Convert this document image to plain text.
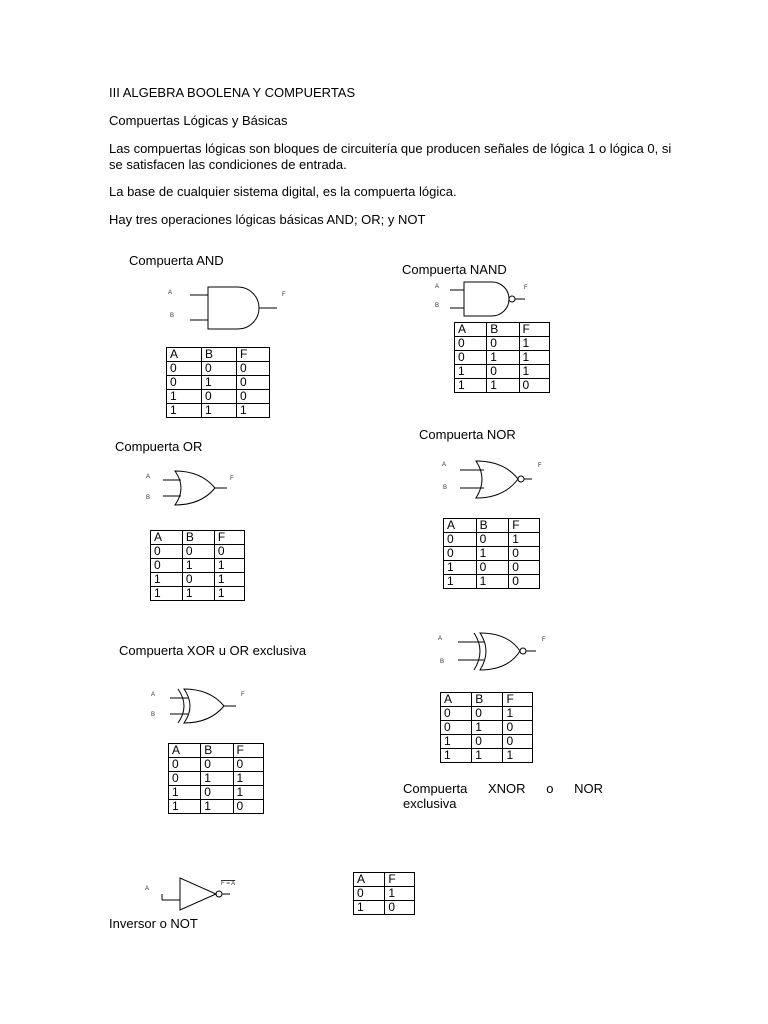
III ALGEBRA BOOLENA Y COMPUERTAS
Compuertas Lógicas y Básicas
Las compuertas lógicas son bloques de circuitería que producen señales de lógica 1 o lógica 0, si se satisfacen las condiciones de entrada.
La base de cualquier sistema digital, es la compuerta lógica.
Hay tres operaciones lógicas básicas AND; OR; y NOT
Compuerta AND
A
B
F
A	B	F
0	0	0
0	1	0
1	0	0
1	1	1
Compuerta NAND
A
B
F
A	B	F
0	0	1
0	1	1
1	0	1
1	1	0
Compuerta OR
A
B
F
A	B	F
0	0	0
0	1	1
1	0	1
1	1	1
Compuerta NOR
A
B
F
A	B	F
0	0	1
0	1	0
1	0	0
1	1	0
Compuerta XOR u OR exclusiva
A
B
F
A	B	F
0	0	0
0	1	1
1	0	1
1	1	0
A
B
F
A	B	F
0	0	1
0	1	0
1	0	0
1	1	1
Compuerta XNOR o NOR
exclusiva
A
F = A
Inversor o NOT
A	F
0	1
1	0
